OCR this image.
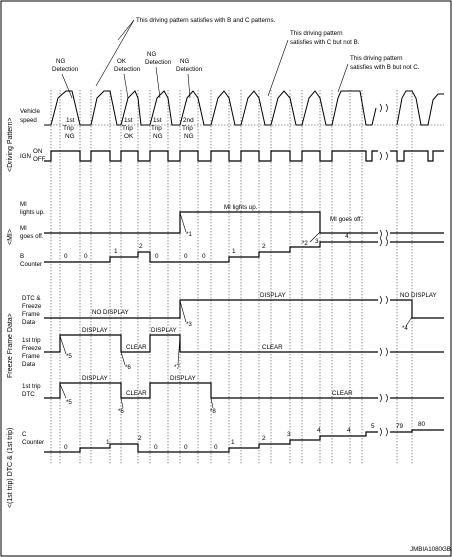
This driving pattern satisfies with B and C patterns.
This driving pattern
satisfies with C but not B.
This driving pattern
satisfies with B but not C.
NG
Detection
OK
Detection
NG
Detection NG
Detection
<Driving Pattern>
<MI>
Freeze Frame Data>
<(1st trip) DTC & (1st trip)
Vehicle
speed
IGN
ON
OFF
MI
lights up.
MI
goes off.
B
Counter
DTC &
Freeze
Frame
Data
1st trip
Freeze
Frame
Data
1st trip
DTC
C
Counter
MI lights up.
MI goes off.
NO DISPLAY
DISPLAY	NO DISPLAY
DISPLAY
CLEAR
DISPLAY
CLEAR
DISPLAY
CLEAR
DISPLAY
CLEAR
JMBIA1080GB
1st
Trip
NG
1st
Trip
OK
1st
Trip
NG
2nd
Trip
NG
0	0
1
2
0	0 0
1
2
3
4
0
1
2
0	0	0
1
2
3
4	4
5	79 80
*1
*2
*3
*4
*5
*6	*7
*5
*6	*8
